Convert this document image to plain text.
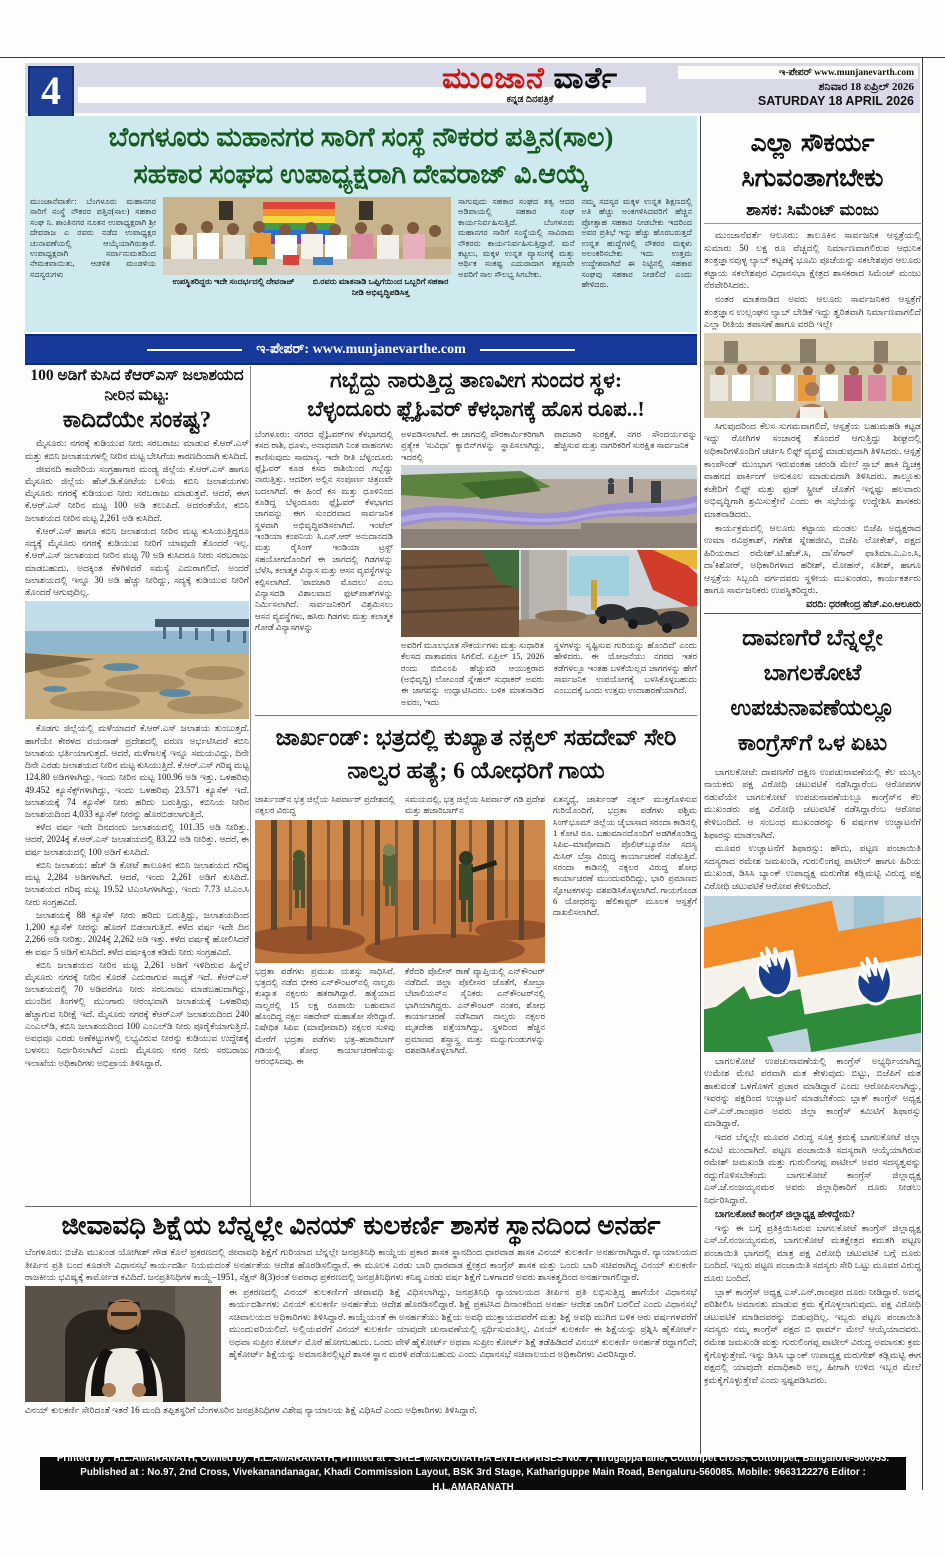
4	ಮುಂಜಾನೆ ವಾರ್ತೆ
ಕನ್ನಡ ದಿನಪತ್ರಿಕೆ
ಇ-ಪೇಪರ್ www.munjanevarth.com
ಶನಿವಾರ 18 ಏಪ್ರಿಲ್ 2026
SATURDAY 18 APRIL 2026
ಬೆಂಗಳೂರು ಮಹಾನಗರ ಸಾರಿಗೆ ಸಂಸ್ಥೆ ನೌಕರರ ಪತ್ತಿನ(ಸಾಲ)
ಸಹಕಾರ ಸಂಘದ ಉಪಾಧ್ಯಕ್ಷರಾಗಿ ದೇವರಾಜ್ ವಿ.ಆಯ್ಕೆ
ಮುಂಜಾನೆವಾರ್ತೆ: ಬೆಂಗಳೂರು ಮಹಾನಗರ ಸಾರಿಗೆ ಸಂಸ್ಥೆ ನೌಕರರ ಪತ್ತಿನ(ಸಾಲ) ಸಹಕಾರ ಸಂಘ ನಿ. ಶಾಂತಿನಗರ ನೂತನ ಉಪಾಧ್ಯಕ್ಷರಾಗಿ ಶ್ರೀ ದೇವರಾಜ ಎ ರವರು ನಡೆದ ಉಪಾಧ್ಯಕ್ಷರ ಚುನಾವಣೆಯಲ್ಲಿ ಆಯ್ಕೆಯಾಗಿರುತ್ತಾರೆ. ಉಪಾಧ್ಯಕ್ಷರಾಗಿ ಸರ್ವಾನುಮತದಿಂದ ನೇಮಕವಾಯಿತು, ಆಡಳಿತ ಮಂಡಳಿಯ ಸದಸ್ಯರುಗಳು
ಉಪಸ್ಥಿತರಿದ್ದರು ಇದೇ ಸಂದರ್ಭದಲ್ಲಿ ದೇವರಾಜ್	ಬಿ.ರವರು ಮಾತನಾಡಿ ಒಪ್ಪಿಗೆಯಿಂದ ಒಬ್ಬರಿಗೆ ಸಹಕಾರ ನೀಡಿ ಅಭಿವೃದ್ಧಿಪಡಿಸಿತ್ತ
ಸಾಗುವುದು ಸಹಕಾರ ಸಂಘದ ತತ್ವ ಆದರ ಅಡಿಪಾಯಲ್ಲಿ ಸಹಕಾರ ಸಂಘ ಕಾರ್ಯನಿರ್ವಹಿಸುತ್ತಿದೆ. ಬೆಂಗಳೂರು ಮಹಾನಗರ ಸಾರಿಗೆ ಸಂಸ್ಥೆಯಲ್ಲಿ ಸಾವಿರಾರು ನೌಕರರು ಕಾರ್ಯನಿರ್ವಹಿಸುತ್ತಿದ್ದಾರೆ. ಮನೆ ಕಟ್ಟಲು, ಮಕ್ಕಳ ಉನ್ನತ ವ್ಯಾಸಂಗಕ್ಕೆ ಮತ್ತು ಆರ್ಥಿಕ ಸಂಕಷ್ಟ ಎದುರಾದಾಗ ತಕ್ಷಣವೇ ಅವರಿಗೆ ಸಾಲ ಸೌಲಭ್ಯ ಸಿಗಬೇಕು.
ನಮ್ಮ ಸದಸ್ಯರ ಮಕ್ಕಳ ಉನ್ನತ ಶಿಕ್ಷಣದಲ್ಲಿ ಅತಿ ಹೆಚ್ಚು ಅಂಕಗಳಿಸಿದವರಿಗೆ ಹೆಚ್ಚಿನ ಪ್ರೋತ್ಸಾಹ ಸಹಕಾರ ನೀಡಬೇಕು ಇದರಿಂದ ಅವರ ಪ್ರತಿಭೆ ಇನ್ನು ಹೆಚ್ಚು ಹೊರಬರುತ್ತದೆ ಉನ್ನತ ಹುದ್ದೆಗಳಲ್ಲಿ ನೌಕರರ ಮಕ್ಕಳು ಅಲಂಕರಿಸಬೇಕು ಇದು ಉತ್ತಮ ಉದ್ದೇಶವಾಗಿದೆ ಈ ನಿಟ್ಟಿನಲ್ಲಿ ಸಹಕಾರ ಸಂಘವು ಸಹಕಾರ ನೀಡಲಿದೆ ಎಂದು ಹೇಳಿದರು.
ಇ-ಪೇಪರ್: www.munjanevarthe.com
100 ಅಡಿಗೆ ಕುಸಿದ ಕೆಆರ್‌ಎಸ್ ಜಲಾಶಯದ ನೀರಿನ ಮಟ್ಟ:
ಕಾದಿದೆಯೇ ಸಂಕಷ್ಟ?

ಮೈಸೂರು: ನಗರಕ್ಕೆ ಕುಡಿಯುವ ನೀರು ಸರಬರಾಜು ಮಾಡುವ ಕೆ.ಆರ್.ಎಸ್ ಮತ್ತು ಕಬಿನಿ ಜಲಾಶಯಗಳಲ್ಲಿ ನೀರಿನ ಮಟ್ಟ ಬೇಸಿಗೆಯ ಕಾರಣದಿಂದಾಗಿ ಕುಸಿದಿದೆ.

ಜೀವನದಿ ಕಾವೇರಿಯ ಸಂಗ್ರಹಾಗಾರ ಮಂಡ್ಯ ಜಿಲ್ಲೆಯ ಕೆ.ಆರ್.ಎಸ್ ಹಾಗೂ ಮೈಸೂರು ಜಿಲ್ಲೆಯ ಹೆಚ್.ಡಿ.ಕೋಟೆಯ ಬಳಿಯ ಕಬಿನಿ ಜಲಾಶಯಗಳು ಮೈಸೂರು ನಗರಕ್ಕೆ ಕುಡಿಯುವ ನೀರು ಸರಬರಾಜು ಮಾಡುತ್ತವೆ. ಆದರೆ, ಈಗ ಕೆ.ಆರ್.ಎಸ್ ನೀರಿನ ಮಟ್ಟ 100 ಅಡಿ ತಲುಪಿದೆ. ಅದರಂತೆಯೇ, ಕಬಿನಿ ಜಲಾಶಯದ ನೀರಿನ ಮಟ್ಟ 2,261 ಅಡಿ ಕುಸಿದಿದೆ.

ಕೆ.ಆರ್.ಎಸ್ ಹಾಗೂ ಕಬಿನಿ ಜಲಾಶಯದ ನೀರಿನ ಮಟ್ಟ ಕುಸಿಯುತ್ತಿದ್ದರೂ ಸದ್ಯಕ್ಕೆ ಮೈಸೂರು ನಗರಕ್ಕೆ ಕುಡಿಯುವ ನೀರಿಗೆ ಯಾವುದೇ ತೊಂದರೆ ಇಲ್ಲ. ಕೆ.ಆರ್.ಎಸ್ ಜಲಾಶಯದ ನೀರಿನ ಮಟ್ಟ 70 ಅಡಿ ಕುಸಿದರೂ ನೀರು ಸರಬರಾಜು ಮಾಡಬಹುದು. ಅದಕ್ಕಿಂತ ಕೆಳಗಿಳಿದರೆ ಸಮಸ್ಯೆ ಎದುರಾಗಲಿದೆ. ಅಂದರೆ ಜಲಾಶಯದಲ್ಲಿ ಇನ್ನೂ 30 ಅಡಿ ಹೆಚ್ಚು ನೀರಿದ್ದು, ಸದ್ಯಕ್ಕೆ ಕುಡಿಯುವ ನೀರಿಗೆ ತೊಂದರೆ ಆಗುವುದಿಲ್ಲ.

ಕೊಡಗು ಜಿಲ್ಲೆಯಲ್ಲಿ ಮಳೆಯಾದರೆ ಕೆ.ಆರ್.ಎಸ್ ಜಲಾಶಯ ತುಂಬುತ್ತದೆ. ಹಾಗೆಯೇ ಕೇರಳದ ವಯನಾಡ್ ಪ್ರದೇಶದಲ್ಲಿ ವರುಣ ಅರ್ಭಟಿಸಿದರೆ ಕಬಿನಿ ಜಲಾಶಯ ಭರ್ತಿಯಾಗುತ್ತದೆ. ಆದರೆ, ಮಳೆಗಾಲಕ್ಕೆ ಇನ್ನೂ ಸಮಯವಿದ್ದು, ದಿನೇ ದಿನೇ ಎರಡು ಜಲಾಶಯದ ನೀರಿನ ಮಟ್ಟ ಕುಸಿಯುತ್ತಿದೆ. ಕೆ.ಆರ್.ಎಸ್ ಗರಿಷ್ಠ ಮಟ್ಟ 124.80 ಅಡಿಗಳಾಗಿದ್ದು, ಇಂದು ನೀರಿನ ಮಟ್ಟ 100.96 ಅಡಿ ಇತ್ತು. ಒಳಹರಿವು 49.452 ಕ್ಯೂಸೆಕ್ಸ್‌ಗಳಾಗಿದ್ದು, ಇಂದು ಒಳಹರಿವು 23.571 ಕ್ಯೂಸೆಕ್ ಇದೆ. ಜಲಾಶಯಕ್ಕೆ 74 ಕ್ಯೂಸೆಕ್ ನೀರು ಹರಿದು ಬರುತ್ತಿದ್ದು, ಕಬಿನಿಯ ನೀರಿನ ಜಲಾಶಯದಿಂದ 4,033 ಕ್ಯೂಸೆಕ್ ನೀರನ್ನು ಹೊರಬಿಡಲಾಗುತ್ತಿದೆ.

ಕಳೆದ ವರ್ಷ ಇದೇ ದಿನದಂದು ಜಲಾಶಯದಲ್ಲಿ 101.35 ಅಡಿ ನೀರಿತ್ತು. ಆದರೆ, 2024ಕ್ಕೆ ಕೆ.ಆರ್.ಎಸ್ ಜಲಾಶಯದಲ್ಲಿ 83.22 ಅಡಿ ನೀರಿತ್ತು. ಆದರೆ, ಈ ವರ್ಷ ಜಲಾಶಯದಲ್ಲಿ 100 ಅಡಿಗೆ ಕುಸಿದಿದೆ.

ಕಬಿನಿ ಜಲಾಶಯ: ಹೆಚ್ ಡಿ ಕೋಟೆ ತಾಲೂಕಿನ ಕಬಿನಿ ಜಲಾಶಯದ ಗರಿಷ್ಠ ಮಟ್ಟ 2,284 ಅಡಿಗಳಾಗಿದೆ. ಆದರೆ, ಇಂದು 2,261 ಅಡಿಗೆ ಕುಸಿದಿದೆ. ಜಲಾಶಯದ ಗರಿಷ್ಠ ಮಟ್ಟ 19.52 ಟಿಎಂಸಿಗಳಾಗಿದ್ದು, ಇಂದು 7.73 ಟಿ.ಎಂ.ಸಿ ನೀರು ಸಂಗ್ರಹವಿದೆ.

ಜಲಾಶಯಕ್ಕೆ 88 ಕ್ಯೂಸೆಕ್ ನೀರು ಹರಿದು ಬರುತ್ತಿದ್ದು, ಜಲಾಶಯದಿಂದ 1,200 ಕ್ಯೂಸೆಕ್ ನೀರನ್ನು ಹೊರಗೆ ಬಿಡಲಾಗುತ್ತಿದೆ. ಕಳೆದ ವರ್ಷ ಇದೇ ದಿನ 2,266 ಅಡಿ ನೀರಿತ್ತು. 2024ಕ್ಕೆ 2,262 ಅಡಿ ಇತ್ತು. ಕಳೆದ ವರ್ಷಕ್ಕೆ ಹೋಲಿಸಿದರೆ ಈ ವರ್ಷ 5 ಅಡಿಗೆ ಕುಸಿದಿದೆ. ಕಳೆದ ವರ್ಷಕ್ಕಿಂತ ಕಡಿಮೆ ನೀರು ಸಂಗ್ರಹವಿದೆ.

ಕಬಿನಿ ಜಲಾಶಯದ ನೀರಿನ ಮಟ್ಟ 2,261 ಅಡಿಗೆ ಇಳಿದಿರುವ ಹಿನ್ನೆಲೆ ಮೈಸೂರು ನಗರಕ್ಕೆ ನೀರಿನ ಕೊರತೆ ಎದುರಾಗುವ ಸಾಧ್ಯತೆ ಇದೆ. ಕೆಆರ್‌ಎಸ್ ಜಲಾಶಯದಲ್ಲಿ 70 ಅಡಿವರೆಗೂ ನೀರು ಸರಬರಾಜು ಮಾಡಬಹುದಾಗಿದ್ದು, ಮುಂದಿನ ತಿಂಗಳಲ್ಲಿ ಮುಂಗಾರು ಆರಂಭವಾಗಿ ಜಲಾಶಯಕ್ಕೆ ಒಳಹರಿವು ಹೆಚ್ಚಾಗುವ ನಿರೀಕ್ಷೆ ಇದೆ. ಮೈಸೂರು ನಗರಕ್ಕೆ ಕೆಆರ್‌ಎಸ್ ಜಲಾಶಯದಿಂದ 240 ಎಂಎಲ್‌ಡಿ, ಕಬಿನಿ ಜಲಾಶಯದಿಂದ 100 ಎಂಎಲ್‌ಡಿ ನೀರು ಪೂರೈಕೆಯಾಗುತ್ತಿದೆ. ಅವಧವೂ ಎರಡು ಅಣೆಕಟ್ಟುಗಳಲ್ಲಿ ಲಭ್ಯವಿರುವ ನೀರನ್ನು ಕುಡಿಯುವ ಉದ್ದೇಶಕ್ಕೆ ಬಳಸಲು ನಿರ್ಧರಿಸಲಾಗಿದೆ ಎಂದು ಮೈಸೂರು ನಗರ ನೀರು ಸರಬರಾಜು ಇಲಾಖೆಯ ಅಧಿಕಾರಿಗಳು ಅಭಿಪ್ರಾಯ ತಿಳಿಸಿದ್ದಾರೆ.

ಗಬ್ಬೆದ್ದು ನಾರುತ್ತಿದ್ದ ತಾಣವೀಗ ಸುಂದರ ಸ್ಥಳ:
ಬೆಳ್ಳಂದೂರು ಫ್ಲೈಓವರ್ ಕೆಳಭಾಗಕ್ಕೆ ಹೊಸ ರೂಪ..!
ಬೆಂಗಳೂರು: ನಗರದ ಫ್ಲೈಓವರ್‌ಗಳ ಕೆಳಭಾಗದಲ್ಲಿ ಕಸದ ರಾಶಿ, ಧೂಳು, ಅನಾಥವಾಗಿ ನಿಂತ ವಾಹನಗಳು ಕಾಣಿಸುವುದು ಸಾಮಾನ್ಯ. ಇದೇ ರೀತಿ ಬೆಳ್ಳಂದೂರು ಫ್ಲೈಓವರ್ ಕೂಡ ಕಸದ ರಾಶಿಯಿಂದ ಗಬ್ಬೆದ್ದು ನಾರುತ್ತಿತ್ತು. ಆದರೀಗ ಅಲ್ಲಿನ ಸಂಪೂರ್ಣ ಚಿತ್ರಣವೇ ಬದಲಾಗಿದೆ. ಈ ಹಿಂದೆ ಕಸ ಮತ್ತು ಧೂಳಿನಿಂದ ಕೂಡಿದ್ದ ಬೆಳ್ಳಂದೂರು ಫ್ಲೈಓವರ್ ಕೆಳಭಾಗದ ಜಾಗವನ್ನು ಈಗ ಸುಂದರವಾದ ಸಾರ್ವಜನಿಕ ಸ್ಥಳವಾಗಿ ಅಭಿವೃದ್ಧಿಪಡಿಸಲಾಗಿದೆ. ಇಂಟೆಲ್ ಇಂಡಿಯಾ ಕಂಪನಿಯ ಸಿ.ಎಸ್.ಆರ್ ಅನುದಾನದಡಿ ಮತ್ತು ರೈಸಿಂಗ್ ಇಂಡಿಯಾ ಟ್ರಸ್ಟ್ ಸಹಯೋಗದೊಂದಿಗೆ ಈ ಜಾಗದಲ್ಲಿ ಗಿಡಗಳನ್ನು ಬೆಳೆಸಿ, ಕಲಾತ್ಮಕ ವಿನ್ಯಾಸ ಮತ್ತು ಆಸನ ವ್ಯವಸ್ಥೆಗಳನ್ನು ಕಲ್ಪಿಸಲಾಗಿದೆ. 'ಪಾದಚಾರಿ ಮೊದಲು' ಎಂಬ ವಿನ್ಯಾಸದಡಿ ವಿಶಾಲವಾದ ಫುಟ್‌ಪಾತ್‌ಗಳನ್ನು ನಿರ್ಮಿಸಲಾಗಿದೆ. ಸಾರ್ವಜನಿಕರಿಗೆ ವಿಶ್ರಮಿಸಲು ಆಸನ ವ್ಯವಸ್ಥೆಗಳು, ಹಸಿರು ಗಿಡಗಳು ಮತ್ತು ಕಲಾತ್ಮಕ ಗೋಡೆ ವಿನ್ಯಾಸಗಳನ್ನು
ಅಳವಡಿಸಲಾಗಿದೆ. ಈ ಜಾಗದಲ್ಲಿ ಪೌರಕಾರ್ಮಿಕರಿಗಾಗಿ ಪ್ರತ್ಯೇಕ 'ಸುವಿಧಾ' ಕ್ಯಾಬಿನ್‌ಗಳನ್ನು ಸ್ಥಾಪಿಸಲಾಗಿದ್ದು, ಇದರಲ್ಲಿ
ಪಾದಚಾರಿ ಸುರಕ್ಷತೆ, ನಗರ ಸೌಂದರ್ಯವನ್ನು ಹೆಚ್ಚಿಸುವ ಮತ್ತು ನಾಗರಿಕರಿಗೆ ಸುರಕ್ಷಿತ ಸಾರ್ವಜನಿಕ
ಅವರಿಗೆ ಮೂಲಭೂತ ಸೌಕರ್ಯಗಳು ಮತ್ತು ಸುಧಾರಿತ ಕೆಲಸದ ವಾತಾವರಣ ಸಿಗಲಿದೆ. ಏಪ್ರಿಲ್ 15, 2026 ರಂದು ಬಿಬಿಎಂಪಿ ಹೆಚ್ಚುವರಿ ಆಯುಕ್ತರಾದ (ಅಭಿವೃದ್ಧಿ) ಲೋಎಂಡೆ ಸ್ನೇಹಲ್ ಸುಧಾಕರ್ ಅವರು ಈ ಜಾಗವನ್ನು ಉದ್ಘಾಟಿಸಿದರು. ಬಳಿಕ ಮಾತನಾಡಿದ ಅವರು, 'ಇದು
ಸ್ಥಳಗಳನ್ನು ಸೃಷ್ಟಿಸುವ ಗುರಿಯನ್ನು ಹೊಂದಿದೆ' ಎಂದು ಹೇಳಿದರು. ಈ ಯೋಜನೆಯು ನಗರದ ಇತರ ಕಡೆಗಳಲ್ಲೂ ಇಂತಹ ಬಳಕೆಯಿಲ್ಲದ ಜಾಗಗಳನ್ನು ಹೇಗೆ ಸಾರ್ವಜನಿಕ ಉಪಯೋಗಕ್ಕೆ ಬಳಸಿಕೊಳ್ಳಬಹುದು ಎಂಬುದಕ್ಕೆ ಒಂದು ಉತ್ತಮ ಉದಾಹರಣೆಯಾಗಿದೆ.
ಜಾರ್ಖಂಡ್: ಭತ್ರದಲ್ಲಿ ಕುಖ್ಯಾತ ನಕ್ಸಲ್ ಸಹದೇವ್ ಸೇರಿ ನಾಲ್ವರ ಹತ್ಯೆ; 6 ಯೋಧರಿಗೆ ಗಾಯ
ಜಾರ್ಖಂಡ್‌ನ ಭತ್ರ ಜಿಲ್ಲೆಯ ಸಿಪರ್ವಾರ್ ಪ್ರದೇಶದಲ್ಲಿ ನಕ್ಸಲರ ವಿರುದ್ಧ
ಸಮಯದಲ್ಲಿ, ಭತ್ರ ಜಿಲ್ಲೆಯ ಸಿಪರ್ವಾರ್ ಗಡಿ ಪ್ರದೇಶ ಮತ್ತು ಹಜಾರಿಬಾಗ್‌ನ
ಭದ್ರತಾ ಪಡೆಗಳು ಪ್ರಮುಖ ಯಶಸ್ಸು ಸಾಧಿಸಿವೆ. ಭತ್ರದಲ್ಲಿ ನಡೆದ ಭೀಕರ ಎನ್‌ಕೌಂಟರ್‌ನಲ್ಲಿ ನಾಲ್ವರು ಕುಖ್ಯಾತ ನಕ್ಸಲರು ಹತರಾಗಿದ್ದಾರೆ. ಹತ್ಯೆಯಾದ ನಾಲ್ವರಲ್ಲಿ 15 ಲಕ್ಷ ರೂಪಾಯಿ ಬಹುಮಾನ ಹೊಂದಿದ್ದ ನಕ್ಸಲ ಸಹದೇವ್ ಮಹಾತೋ ಸೇರಿದ್ದಾರೆ. ನಿಷೇಧಿತ ಸಿಪಿಐ (ಮಾವೋವಾದಿ) ನಕ್ಸಲರ ಸುಳಿವು ಮೇರೆಗೆ ಭದ್ರತಾ ಪಡೆಗಳು ಭತ್ರ–ಹಜಾರಿಬಾಗ್ ಗಡಿಯಲ್ಲಿ ಶೋಧ ಕಾರ್ಯಾಚರಣೆಯನ್ನು ಆರಂಭಿಸಿದವು. ಈ
ಕೆರೆದರಿ ಪೊಲೀಸ್ ಠಾಣೆ ವ್ಯಾಪ್ತಿಯಲ್ಲಿ ಎನ್‌ಕೌಂಟರ್ ನಡೆದಿದೆ. ಜಿಲ್ಲಾ ಪೊಲೀಸರ ಜೊತೆಗೆ, ಕೋಬ್ರಾ ಬೆಟಾಲಿಯನ್‌ನ ಸೈನಿಕರು ಎನ್‌ಕೌಂಟರ್‌ನಲ್ಲಿ ಭಾಗಿಯಾಗಿದ್ದರು. ಎನ್‌ಕೌಂಟರ್ ನಂತರ, ಶೋಧ ಕಾರ್ಯಾಚರಣೆ ನಡೆಸಿದಾಗ ನಾಲ್ವರು ನಕ್ಸಲರ ಮೃತದೇಹ ಪತ್ತೆಯಾಗಿದ್ದು, ಸ್ಥಳದಿಂದ ಹೆಚ್ಚಿನ ಪ್ರಮಾಣದ ಶಸ್ತ್ರಾಸ್ತ್ರ ಮತ್ತು ಮದ್ದುಗುಂಡುಗಳನ್ನು ವಶಪಡಿಸಿಕೊಳ್ಳಲಾಗಿದೆ.
ಏತನ್ಮಧ್ಯೆ, ಜಾರ್ಖಂಡ್ ನಕ್ಸಲ್ ಮುಕ್ತಗೊಳಿಸುವ ಗುರಿಯೊಂದಿಗೆ, ಭದ್ರತಾ ಪಡೆಗಳು ಪಶ್ಚಿಮ ಸಿಂಗ್‌ಭೂಮ್ ಜಿಲ್ಲೆಯ ಚೈಬಾಸಾದ ಸರಂದಾ ಕಾಡಿನಲ್ಲಿ 1 ಕೋಟಿ ರೂ. ಬಹುಮಾನದೊಂದಿಗೆ ಅಡಗಿಕೊಂಡಿದ್ದ ಸಿಪಿಐ–ಮಾವೋವಾದಿ ಪೊಲಿಟ್‌ಬ್ಯೂರೋ ಸದಸ್ಯ ಮಿಸಿರ್ ಬೆಸ್ರಾ ವಿರುದ್ಧ ಕಾರ್ಯಾಚರಣೆ ನಡೆಸುತ್ತಿವೆ. ಸರಂದಾ ಕಾಡಿನಲ್ಲಿ ನಕ್ಸಲರ ವಿರುದ್ಧ ಶೋಧ ಕಾರ್ಯಾಚರಣೆ ಮುಂದುವರಿದಿದ್ದು, ಭಾರಿ ಪ್ರಮಾಣದ ಸ್ಫೋಟಕಗಳನ್ನು ವಶಪಡಿಸಿಕೊಳ್ಳಲಾಗಿದೆ. ಗಾಯಗೊಂಡ 6 ಯೋಧರನ್ನು ಹೆಲಿಕಾಪ್ಟರ್ ಮೂಲಕ ಆಸ್ಪತ್ರೆಗೆ ದಾಖಲಿಸಲಾಗಿದೆ.
ಎಲ್ಲಾ ಸೌಕರ್ಯ ಸಿಗುವಂತಾಗಬೇಕು
ಶಾಸಕ: ಸಿಮೆಂಟ್ ಮಂಜು

ಮುಂಜಾನೆವರ್ತೆ ಆಲೂರು: ತಾಲೂಕಿನ ಸಾರ್ವಜನಿಕ ಆಸ್ಪತ್ರೆಯಲ್ಲಿ ಸುಮಾರು 50 ಲಕ್ಷ ರೂ ವೆಚ್ಚದಲ್ಲಿ ನಿರ್ಮಾಣವಾಗಲಿರುವ ಆಧುನಿಕ ತಂತ್ರಜ್ಞಾನವುಳ್ಳ ಲ್ಯಾಬ್ ಕಟ್ಟಡಕ್ಕೆ ಭೂಮಿ ಪೂಜೆಯನ್ನು ಸಕಲೇಶಪುರ ಆಲೂರು ಕಟ್ಟಾಯ ಸಕಲೇಶಪುರ ವಿಧಾನಸಭಾ ಕ್ಷೇತ್ರದ ಶಾಸಕರಾದ ಸಿಮೆಂಟ್ ಮಂಜು ನೆರವೇರಿಸಿದರು.

ನಂತರ ಮಾತನಾಡಿದ ಅವರು ಆಲೂರು ಸಾರ್ವಜನಿಕರ ಆಸ್ಪತ್ರೆಗೆ ತಂತ್ರಜ್ಞಾನ ಉಲ್ಲಂಘನ ಲ್ಯಾಬ್ ಬೇಡಿಕೆ ಇದ್ದು ತ್ವರಿತವಾಗಿ ನಿರ್ಮಾಣವಾಗಲಿದೆ ಎಲ್ಲಾ ರೀತಿಯ ತಪಾಸಣೆ ಹಾಗೂ ವರದಿ ಇಲ್ಲೇ

ಸಿಗುವುದರಿಂದ ಕೆಲಸ ಸುಗಮವಾಗಲಿದೆ, ಆಸ್ಪತ್ರೆಯ ಬಹುಮಹಡಿ ಕಟ್ಟಡ ಇದ್ದು ರೋಗಿಗಳ ಸಂಚಾರಕ್ಕೆ ತೊಂದರೆ ಆಗುತ್ತಿದ್ದು ಶೀಘ್ರದಲ್ಲಿ ಅಧಿಕಾರಿಗಳೊಂದಿಗೆ ಚರ್ಚಿಸಿ ಲಿಫ್ಟ್ ವ್ಯವಸ್ಥೆ ಮಾಡುವುದಾಗಿ ತಿಳಿಸಿದರು. ಆಸ್ಪತ್ರೆ ಕಾಂಪೌಂಡ್ ಮುಂಭಾಗ ಇರುವಂತಹ ಚರಂಡಿ ಮೇಲೆ ಸ್ಲಾಬ್ ಹಾಕಿ ದ್ವಿಚಕ್ರ ವಾಹನದ ಪಾರ್ಕಿಂಗ್ ಅನುಕೂಲ ಮಾಡುವದಾಗಿ ತಿಳಿಸಿದರು. ತಾಲ್ಲೂಕು ಕಚೇರಿಗೆ ಲಿಫ್ಟ್ ಮತ್ತು ಫುಡ್ ಸ್ಟ್ರೀಟ್ ಜೊತೆಗೆ ಇನ್ನಷ್ಟು ಹಲವಾರು ಅಭಿವೃದ್ಧಿಗಾಗಿ ಶ್ರಮಿಸುತ್ತೇನೆ ಎಂದು ಈ ಸಭೆಯನ್ನು ಉದ್ದೇಶಿಸಿ ಶಾಸಕರು ಮಾತನಾಡಿದರು.

ಕಾರ್ಯಕ್ರಮದಲ್ಲಿ ಆಲೂರು ಕಟ್ಟಾಯ ಮಂಡಲ ಬಿಜೆಪಿ ಅಧ್ಯಕ್ಷರಾದ ಉಮಾ ರವಿಪ್ರಕಾಶ್, ಗಣೇಶ ಸ್ನೇಹಜೀವಿ, ಬಿಜೆಪಿ ಲೋಕೇಶ್, ಪಕ್ಷದ ಹಿರಿಯರಾದ ರಮೇಶ್.ಟಿ.ಹೆಚ್.ಸಿ, ದಾ'ಸೆಗಾರ್ ಫಾತಿಮಾ.ಎ.ಎಂ.ಸಿ, ದಾ'ಕಿಶೋರ್, ಅಧಿಕಾರಿಗಳಾದ ಹರೀಶ್, ಮೋಹನ್, ಸತೀಶ್, ಹಾಗೂ ಆಸ್ಪತ್ರೆಯ ಸಿಬ್ಬಂದಿ ವರ್ಗದವರು ಸ್ಥಳೀಯ ಮುಖಂಡರು, ಕಾರ್ಯಕರ್ತರು ಹಾಗೂ ಸಾರ್ವಜನಿಕರು ಉಪಸ್ಥಿತರಿದ್ದರು.

ವರದಿ: ಧರಣೇಂದ್ರ ಹೆಚ್.ಎಂ.ಆಲೂರು
ದಾವಣಗೆರೆ ಬೆನ್ನಲ್ಲೇ ಬಾಗಲಕೋಟೆ ಉಪಚುನಾವಣೆಯಲ್ಲೂ ಕಾಂಗ್ರೆಸ್‌ಗೆ ಒಳ ಏಟು

ಬಾಗಲಕೋಟೆ: ದಾವಣಗೆರೆ ದಕ್ಷಿಣ ಉಪಚುನಾವಣೆಯಲ್ಲಿ ಕೆಲ ಮುಸ್ಲಿಂ ನಾಯಕರು ಪಕ್ಷ ವಿರೋಧಿ ಚಟುವಟಿಕೆ ನಡೆಸಿದ್ದಾರೆಂಬ ಆರೋಪಗಳ ನಡುವೆಯೇ ಬಾಗಲಕೋಟೆ ಉಪಚುನಾವಣೆಯಲ್ಲೂ ಕಾಂಗ್ರೆಸ್‌ನ ಕೆಲ ಮುಖಂಡರು ಪಕ್ಷ ವಿರೋಧಿ ಚಟುವಟಿಕೆ ನಡೆಸಿದ್ದಾರೆಂಬ ಆರೋಪ ಕೇಳಿಬಂದಿದೆ. ಆ ಸಂಬಂಧ ಮುಖಂಡರನ್ನು 6 ವರ್ಷಗಳ ಉಚ್ಚಾಟನೆಗೆ ಶಿಫಾರಸ್ಸು ಮಾಡಲಾಗಿದೆ.

ಮೂವರ ಉಚ್ಚಾಟನೆಗೆ ಶಿಫಾರಸ್ಸು: ಹೌದು, ಪಟ್ಟಣ ಪಂಚಾಯಿತಿ ಸದಸ್ಯರಾದ ರಮೇಶ ಜಮಖಂಡಿ, ಗುರುಲಿಂಗಪ್ಪ ಪಾಟೀಲ್ ಹಾಗೂ ಹಿರಿಯ ಮುಖಂಡ, ಡಿಸಿಸಿ ಬ್ಯಾಂಕ್ ಉಪಾಧ್ಯಕ್ಷ ಮರುಗೇಶ ಕಡ್ಲಿಮಟ್ಟಿ ವಿರುದ್ಧ ಪಕ್ಷ ವಿರೋಧಿ ಚಟುವಟಿಕೆ ಆರೋಪ ಕೇಳಿಬಂದಿದೆ.

ಬಾಗಲಕೋಟೆ ಉಪಚುನಾವಣೆಯಲ್ಲಿ ಕಾಂಗ್ರೆಸ್ ಅಭ್ಯರ್ಥಿಯಾಗಿದ್ದ ಉಮೇಶ ಮೇಟಿ ಪರವಾಗಿ ಮತ ಕೇಳುವುದು ಬಿಟ್ಟು, ಬಿಜೆಪಿಗೆ ಮತ ಹಾಕುವಂತೆ ಒಳಗೊಳಗೆ ಪ್ರಚಾರ ಮಾಡಿದ್ದಾರೆ ಎಂದು ಆರೋಪಿಸಲಾಗಿದ್ದು, ಇವರನ್ನು ಪಕ್ಷದಿಂದ ಉಚ್ಚಾಟನೆ ಮಾಡಬೇಕೆಂದು ಬ್ಲಾಕ್ ಕಾಂಗ್ರೆಸ್ ಅಧ್ಯಕ್ಷ ಎಸ್.ಎನ್.ರಾಂಪೂರ ಅವರು ಜಿಲ್ಲಾ ಕಾಂಗ್ರೆಸ್ ಕಮಿಟಿಗೆ ಶಿಫಾರಸ್ಸು ಮಾಡಿದ್ದಾರೆ.

ಇದರ ಬೆನ್ನಲ್ಲೇ ಮೂವರ ವಿರುದ್ಧ ಸೂಕ್ತ ಕ್ರಮಕ್ಕೆ ಬಾಗಲಕೋಟೆ ಜಿಲ್ಲಾ ಕಮಿಟಿ ಮುಂದಾಗಿದೆ. ಪಟ್ಟಣ ಪಂಚಾಯಿತಿ ಸದಸ್ಯರಾಗಿ ಆಯ್ಕೆಯಾಗಿರುವ ರಮೇಶ್ ಜಮಖಂಡಿ ಮತ್ತು ಗುರುಲಿಂಗಪ್ಪ ಪಾಟೀಲ್ ಅವರ ಸದಸ್ಯತ್ವವನ್ನು ರದ್ದುಗೊಳಿಸಬೇಕೆಂದು ಬಾಗಲಕೋಟೆ ಕಾಂಗ್ರೆಸ್ ಜಿಲ್ಲಾಧ್ಯಕ್ಷ ಎಸ್.ಜೆ.ನಂಜಯ್ಯನಮಠ ಅವರು ಜಿಲ್ಲಾಧಿಕಾರಿಗೆ ದೂರು ನೀಡಲು ನಿರ್ಧರಿಸಿದ್ದಾರೆ.

ಬಾಗಲಕೋಟೆ ಕಾಂಗ್ರೆಸ್ ಜಿಲ್ಲಾಧ್ಯಕ್ಷ ಹೇಳಿದ್ದೇನು?

ಇನ್ನು ಈ ಬಗ್ಗೆ ಪ್ರತಿಕ್ರಿಯಿಸಿರುವ ಬಾಗಲಕೋಟೆ ಕಾಂಗ್ರೆಸ್ ಜಿಲ್ಲಾಧ್ಯಕ್ಷ ಎಸ್.ಜೆ.ನಂಜಯ್ಯನಮಠ, ಬಾಗಲಕೋಟೆ ಮತಕ್ಷೇತ್ರದ ಕಮತಗಿ ಪಟ್ಟಣ ಪಂಚಾಯಿತಿ ಭಾಗದಲ್ಲಿ ಮಾತ್ರ ಪಕ್ಷ ವಿರೋಧಿ ಚಟುವಟಿಕೆ ಬಗ್ಗೆ ದೂರು ಬಂದಿದೆ. ಇಬ್ಬರು ಪಟ್ಟಣ ಪಂಚಾಯಿತಿ ಸದಸ್ಯರು ಸೇರಿ ಒಟ್ಟು ಮೂವರ ವಿರುದ್ಧ ದೂರು ಬಂದಿದೆ.

ಬ್ಲಾಕ್ ಕಾಂಗ್ರೆಸ್ ಅಧ್ಯಕ್ಷ ಎಸ್.ಎನ್.ರಾಂಪೂರ ದೂರು ನೀಡಿದ್ದಾರೆ. ಅದನ್ನ ಪರಿಶೀಲಿಸಿ ಅಮಾನತು ಮಾಡುವ ಕ್ರಮ ಕೈಗೊಳ್ಳಲಾಗುವುದು. ಪಕ್ಷ ವಿರೋಧಿ ಚಟುವಟಿಕೆ ಮಾಡಿದವರನ್ನು ಬಿಡುವುದಿಲ್ಲ. ಇಬ್ಬರು ಪಟ್ಟಣ ಪಂಚಾಯಿತಿ ಸದಸ್ಯರು ನಮ್ಮ ಕಾಂಗ್ರೆಸ್ ಪಕ್ಷದ ಬಿ ಫಾರ್ಮ್ ಮೇಲೆ ಆಯ್ಕೆಯಾದವರು. ರಮೇಶ ಜಮಖಂಡಿ ಮತ್ತು ಗುರುಲಿಂಗಪ್ಪ ಪಾಟೀಲ್ ವಿರುದ್ಧ ಅಮಾನತು ಕ್ರಮ ಕೈಗೊಳ್ಳುತ್ತೇವೆ. ಇನ್ನು ಡಿಸಿಸಿ ಬ್ಯಾಂಕ್ ಉಪಾಧ್ಯಕ್ಷ ಮರುಗೇಶ್ ಕಡ್ಲಿಮಟ್ಟಿ ಈಗ ಪಕ್ಷದಲ್ಲಿ ಯಾವುದೇ ಪದಾಧಿಕಾರಿ ಅಲ್ಲ, ಹೀಗಾಗಿ ಉಳಿದ ಇಬ್ಬರ ಮೇಲೆ ಕ್ರಮಕೈಗೊಳ್ಳುತ್ತೇವೆ ಎಂದು ಸ್ಪಷ್ಟಪಡಿಸಿದರು.

ಜೀವಾವಧಿ ಶಿಕ್ಷೆಯ ಬೆನ್ನಲ್ಲೇ ವಿನಯ್ ಕುಲಕರ್ಣಿ ಶಾಸಕ ಸ್ಥಾನದಿಂದ ಅನರ್ಹ

ಬೆಂಗಳೂರು: ಬಿಜೆಪಿ ಮುಖಂಡ ಯೋಗೀಶ್ ಗೌಡ ಕೊಲೆ ಪ್ರಕರಣದಲ್ಲಿ ಜೀವಾವಧಿ ಶಿಕ್ಷೆಗೆ ಗುರಿಯಾದ ಬೆನ್ನಲ್ಲೇ ಜನಪ್ರತಿನಿಧಿ ಕಾಯ್ದೆಯ ಪ್ರಕಾರ ಶಾಸಕ ಸ್ಥಾನದಿಂದ ಧಾರವಾಡ ಶಾಸಕ ವಿನಯ್ ಕುಲಕರ್ಣಿ ಅನರ್ಹರಾಗಿದ್ದಾರೆ. ನ್ಯಾಯಾಲಯದ ತೀರ್ಪಿನ ಪ್ರತಿ ಬಂದ ಕೂಡಲೇ ವಿಧಾನಸಭೆ ಕಾರ್ಯದರ್ಶಿ ನಿಯಮದಂತೆ ಅನರ್ಹತೆಯ ಆದೇಶ ಹೊರಡಿಸಲಿದ್ದಾರೆ. ಈ ಮೂಲಕ ಎರಡು ಬಾರಿ ಧಾರವಾಡ ಕ್ಷೇತ್ರದ ಕಾಂಗ್ರೆಸ್ ಶಾಸಕ ಮತ್ತು ಒಂದು ಬಾರಿ ಸಚಿವರಾಗಿದ್ದ ವಿನಯ್ ಕುಲಕರ್ಣಿ ರಾಜಕೀಯ ಭವಿಷ್ಯಕ್ಕೆ ಕಾರ್ಮೋಡ ಕವಿದಿದೆ. ಜನಪ್ರತಿನಿಧಿಗಳ ಕಾಯ್ದೆ–1951, ಸೆಕ್ಷನ್ 8(3)ರಂತೆ ಅಪರಾಧ ಪ್ರಕರಣದಲ್ಲಿ ಜನಪ್ರತಿನಿಧಿಗಳು ಕನಿಷ್ಠ ಎರಡು ವರ್ಷ ಶಿಕ್ಷೆಗೆ ಒಳಗಾದರೆ ಅವರು ಶಾಸಕತ್ವದಿಂದ ಅನರ್ಹರಾಗಲಿದ್ದಾರೆ.

ಈ ಪ್ರಕರಣದಲ್ಲಿ ವಿನಯ್ ಕುಲಕರ್ಣಿಗೆ ಜೀವಾವಧಿ ಶಿಕ್ಷೆ ವಿಧಿಸಲಾಗಿದ್ದು, ಜನಪ್ರತಿನಿಧಿ ನ್ಯಾಯಾಲಯದ ತೀರ್ಪಿನ ಪ್ರತಿ ಲಭಿಸುತ್ತಿದ್ದ ಹಾಗೆಯೇ ವಿಧಾನಸಭೆ ಕಾರ್ಯದರ್ಶಿಗಳು ವಿನಯ್ ಕುಲಕರ್ಣಿ ಅನರ್ಹತೆಯ ಆದೇಶ ಹೊರಡಿಸಲಿದ್ದಾರೆ. ಶಿಕ್ಷೆ ಪ್ರಕಟಿಸಿದ ದಿನಾಂಕದಿಂದ ಅನರ್ಹ ಆದೇಶ ಜಾರಿಗೆ ಬರಲಿದೆ ಎಂದು ವಿಧಾನಸಭೆ ಸಚಿವಾಲಯದ ಅಧಿಕಾರಿಗಳು ತಿಳಿಸಿದ್ದಾರೆ. ಕಾಯ್ದೆಯಂತೆ ಈ ಅನರ್ಹತೆಯು ಶಿಕ್ಷೆಯ ಅವಧಿ ಮುಕ್ತಾಯದವರೆಗೆ ಮತ್ತು ಶಿಕ್ಷೆ ಅವಧಿ ಮುಗಿದ ಬಳಿಕ ಆರು ವರ್ಷಗಳವರೆಗೆ ಮುಂದುವರಿಯಲಿದೆ. ಅಲ್ಲಿಯವರೆಗೆ ವಿನಯ್ ಕುಲಕರ್ಣಿ ಯಾವುದೇ ಚುನಾವಣೆಯಲ್ಲಿ ಸ್ಪರ್ಧಿಸುವಂತಿಲ್ಲ. ವಿನಯ್ ಕುಲಕರ್ಣಿ ಈ ಶಿಕ್ಷೆಯನ್ನು ಪ್ರಶ್ನಿಸಿ ಹೈಕೋರ್ಟ್ ಅಥವಾ ಸುಪ್ರೀಂ ಕೋರ್ಟ್ ಮೊರೆ ಹೋಗಬಹುದು. ಒಂದು ವೇಳೆ ಹೈಕೋರ್ಟ್ ಅಥವಾ ಸುಪ್ರೀಂ ಕೋರ್ಟ್ ಶಿಕ್ಷೆ ತಡೆಹಿಡಿದರೆ ವಿನಯ್ ಕುಲಕರ್ಣಿ ಅನರ್ಹತೆ ರದ್ದಾಗಲಿದೆ; ಹೈಕೋರ್ಟ್ ಶಿಕ್ಷೆಯನ್ನು ಅಮಾನತಿನಲ್ಲಿಟ್ಟರೆ ಶಾಸಕ ಸ್ಥಾನ ಮರಳಿ ಪಡೆಯಬಹುದು ಎಂದು ವಿಧಾನಸಭೆ ಸಚಿವಾಲಯದ ಅಧಿಕಾರಿಗಳು ವಿವರಿಸಿದ್ದಾರೆ.

ವಿನಯ್ ಕುಲಕರ್ಣಿ ಸೇರಿದಂತೆ ಇತರೆ 16 ಮಂದಿ ತಪ್ಪಿತಸ್ಥರಿಗೆ ಬೆಂಗಳೂರಿನ ಜನಪ್ರತಿನಿಧಿಗಳ ವಿಶೇಷ ನ್ಯಾಯಾಲಯ ಶಿಕ್ಷೆ ವಿಧಿಸಿದೆ ಎಂದು ಅಧಿಕಾರಿಗಳು ತಿಳಿಸಿದ್ದಾರೆ.

Printed by : H.L.AMARANATH, Owned by: H.L.AMARANATH, Printed at : SREE MANJUNATHA ENTERPRISES No. 7, Tirugappa lane, Cottonpet cross, Cottonpet, Bangalore-560053.
Published at : No.97, 2nd Cross, Vivekanandanagar, Khadi Commission Layout, BSK 3rd Stage, Kathariguppe Main Road, Bengaluru-560085. Mobile: 9663122276 Editor : H.L.AMARANATH
